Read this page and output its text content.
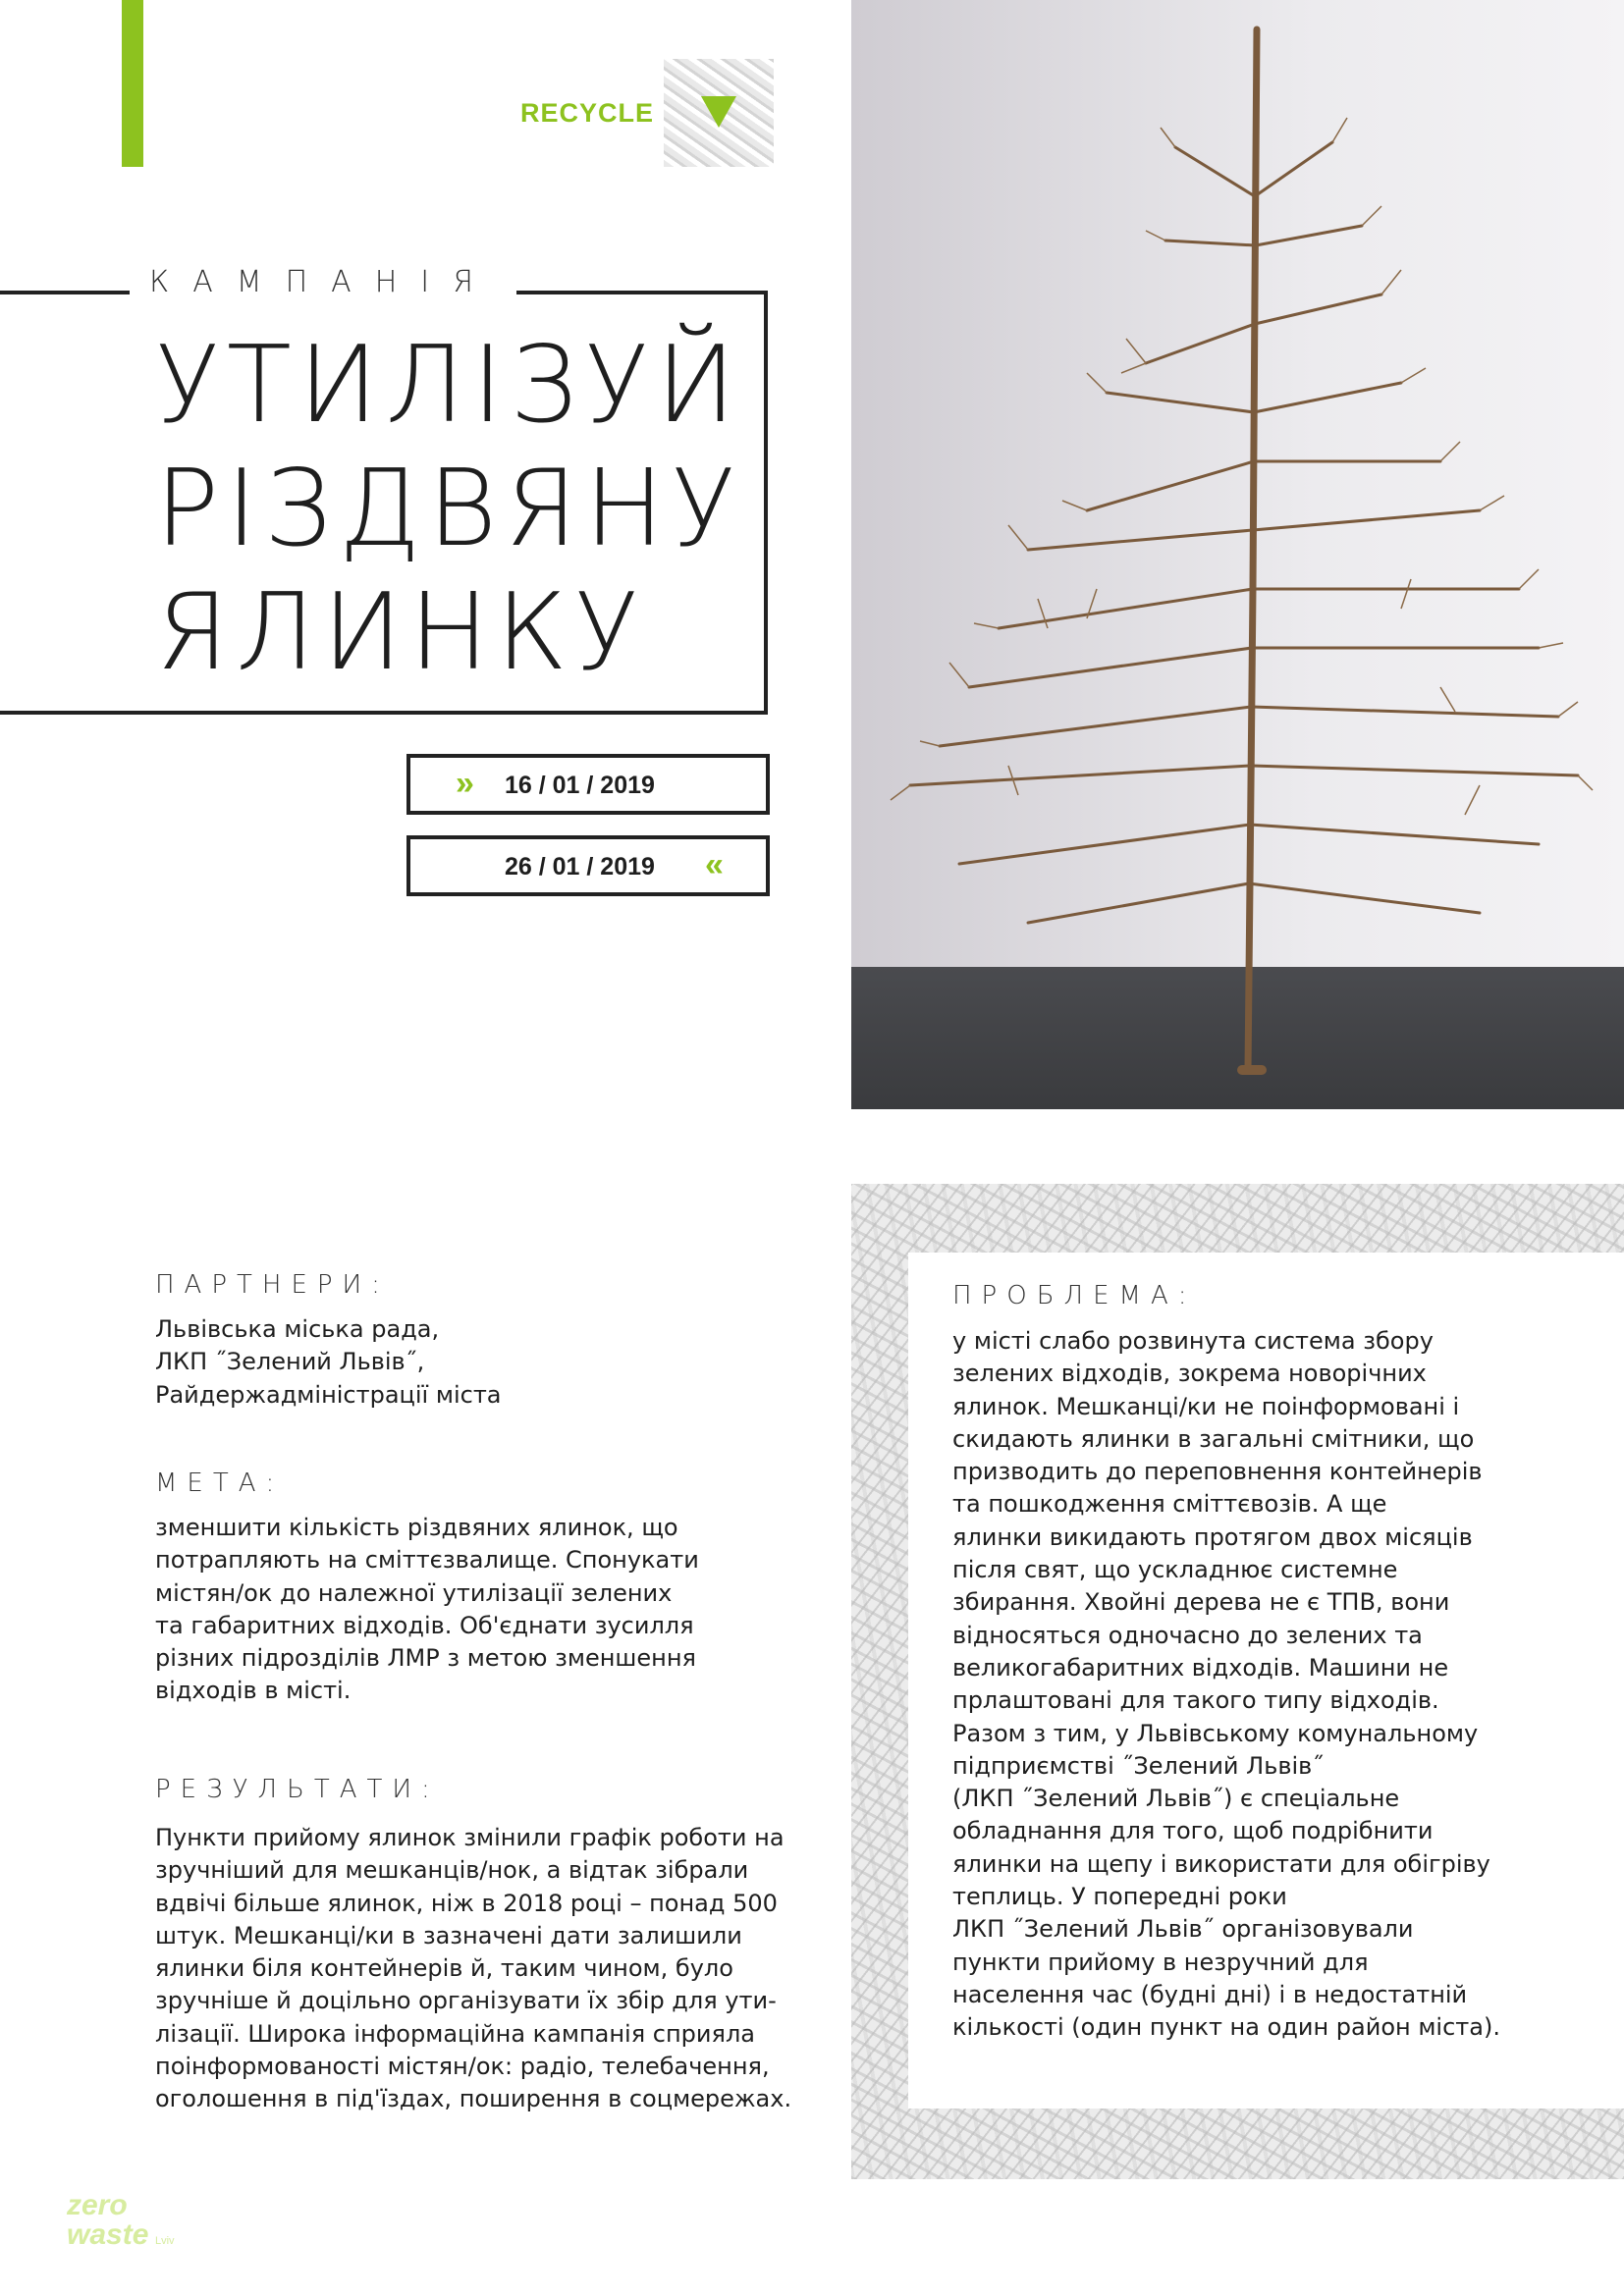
RECYCLE
КАМПАНІЯ
УТИЛІЗУЙ
РІЗДВЯНУ
ЯЛИНКУ
» 16 / 01 / 2019
26 / 01 / 2019 «
ПАРТНЕРИ:

Львівська міська рада,
ЛКП ˝Зелений Львів˝,
Райдержадміністрації міста

МЕТА:

зменшити кількість різдвяних ялинок, що
потрапляють на сміттєзвалище. Спонукати
містян/ок до належної утилізації зелених
та габаритних відходів. Об'єднати зусилля
різних підрозділів ЛМР з метою зменшення
відходів в місті.

РЕЗУЛЬТАТИ:

Пункти прийому ялинок змінили графік роботи на
зручніший для мешканців/нок, а відтак зібрали
вдвічі більше ялинок, ніж в 2018 році – понад 500
штук. Мешканці/ки в зазначені дати залишили
ялинки біля контейнерів й, таким чином, було
зручніше й доцільно організувати їх збір для ути-
лізації. Широка інформаційна кампанія сприяла
поінформованості містян/ок: радіо, телебачення,
оголошення в під'їздах, поширення в соцмережах.

ПРОБЛЕМА:

у місті слабо розвинута система збору
зелених відходів, зокрема новорічних
ялинок. Мешканці/ки не поінформовані і
скидають ялинки в загальні смітники, що
призводить до переповнення контейнерів
та пошкодження сміттєвозів. А ще
ялинки викидають протягом двох місяців
після свят, що ускладнює системне
збирання. Хвойні дерева не є ТПВ, вони
відносяться одночасно до зелених та
великогабаритних відходів. Машини не
прлаштовані для такого типу відходів.
Разом з тим, у Львівському комунальному
підприємстві ˝Зелений Львів˝
(ЛКП ˝Зелений Львів˝) є спеціальне
обладнання для того, щоб подрібнити
ялинки на щепу і використати для обігріву
теплиць. У попередні роки
ЛКП ˝Зелений Львів˝ організовували
пункти прийому в незручний для
населення час (будні дні) і в недостатній
кількості (один пункт на один район міста).

zero
waste Lviv
